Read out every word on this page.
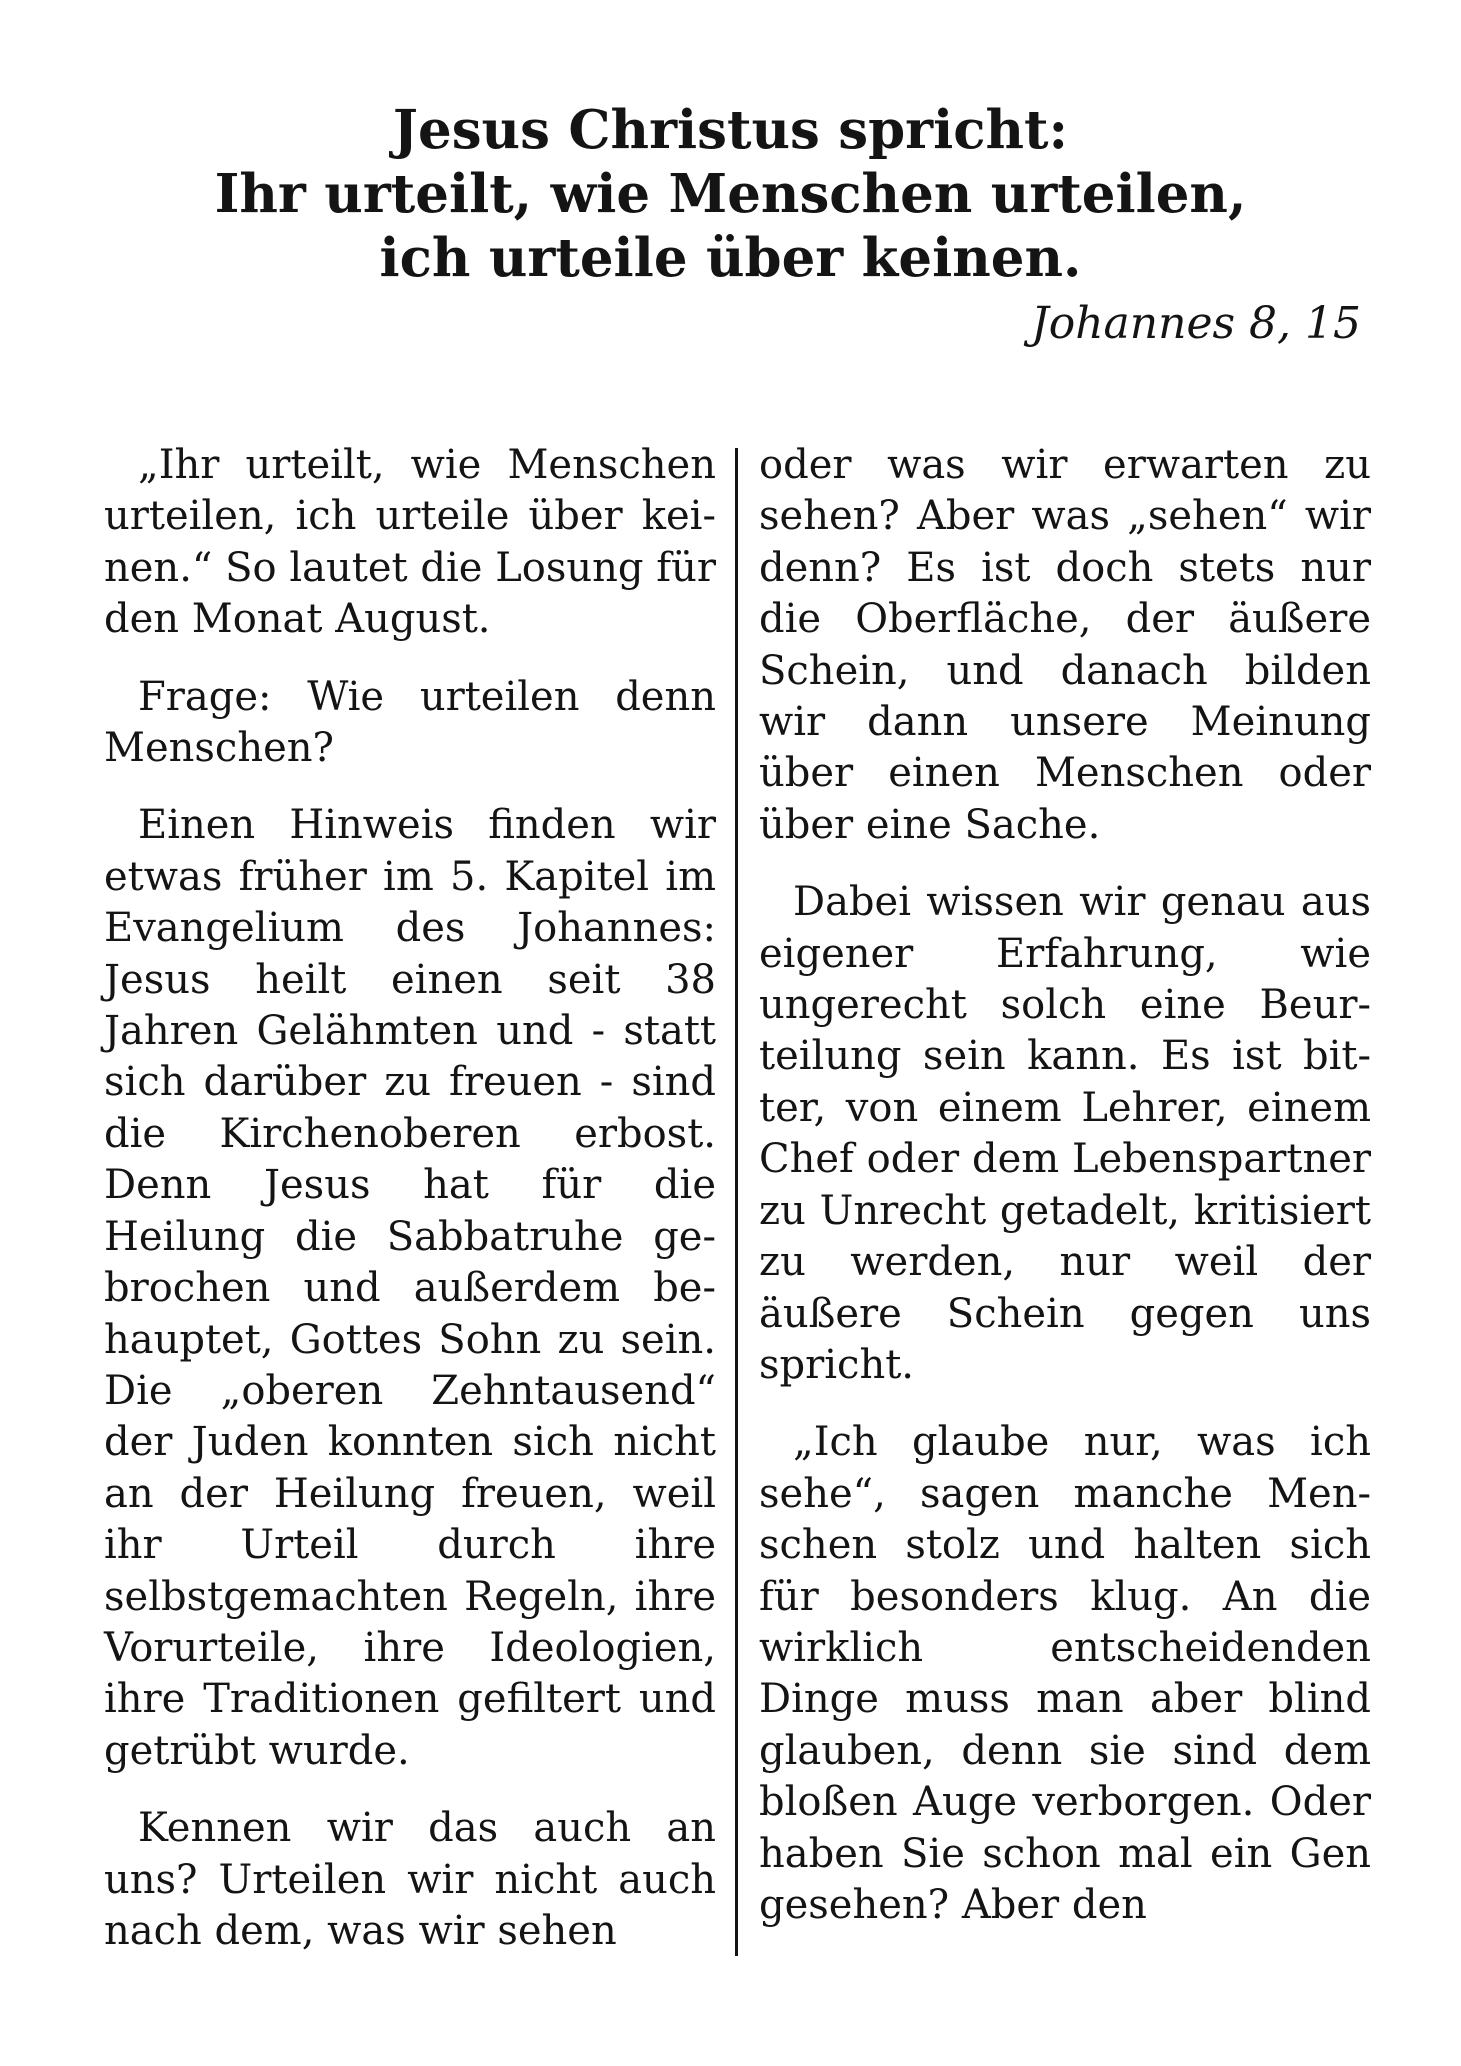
Jesus Christus spricht:
Ihr urteilt, wie Menschen urteilen,
ich urteile über keinen.
Johannes 8, 15

„Ihr urteilt, wie Menschen urteilen, ich urteile über keinen.“ So lautet die Losung für den Monat August.

Frage: Wie urteilen denn Menschen?

Einen Hinweis finden wir etwas früher im 5. Kapitel im Evangelium des Johannes: Jesus heilt einen seit 38 Jahren Gelähmten und - statt sich darüber zu freuen - sind die Kirchenoberen erbost. Denn Jesus hat für die Heilung die Sabbatruhe gebrochen und außerdem behauptet, Gottes Sohn zu sein. Die „oberen Zehntausend“ der Juden konnten sich nicht an der Heilung freuen, weil ihr Urteil durch ihre selbstgemachten Regeln, ihre Vorurteile, ihre Ideologien, ihre Traditionen gefiltert und getrübt wurde.

Kennen wir das auch an uns? Urteilen wir nicht auch nach dem, was wir sehen

oder was wir erwarten zu sehen? Aber was „sehen“ wir denn? Es ist doch stets nur die Oberfläche, der äußere Schein, und danach bilden wir dann unsere Meinung über einen Menschen oder über eine Sache.

Dabei wissen wir genau aus eigener Erfahrung, wie ungerecht solch eine Beurteilung sein kann. Es ist bitter, von einem Lehrer, einem Chef oder dem Lebenspartner zu Unrecht getadelt, kritisiert zu werden, nur weil der äußere Schein gegen uns spricht.

„Ich glaube nur, was ich sehe“, sagen manche Menschen stolz und halten sich für besonders klug. An die wirklich entscheidenden Dinge muss man aber blind glauben, denn sie sind dem bloßen Auge verborgen. Oder haben Sie schon mal ein Gen gesehen? Aber den
